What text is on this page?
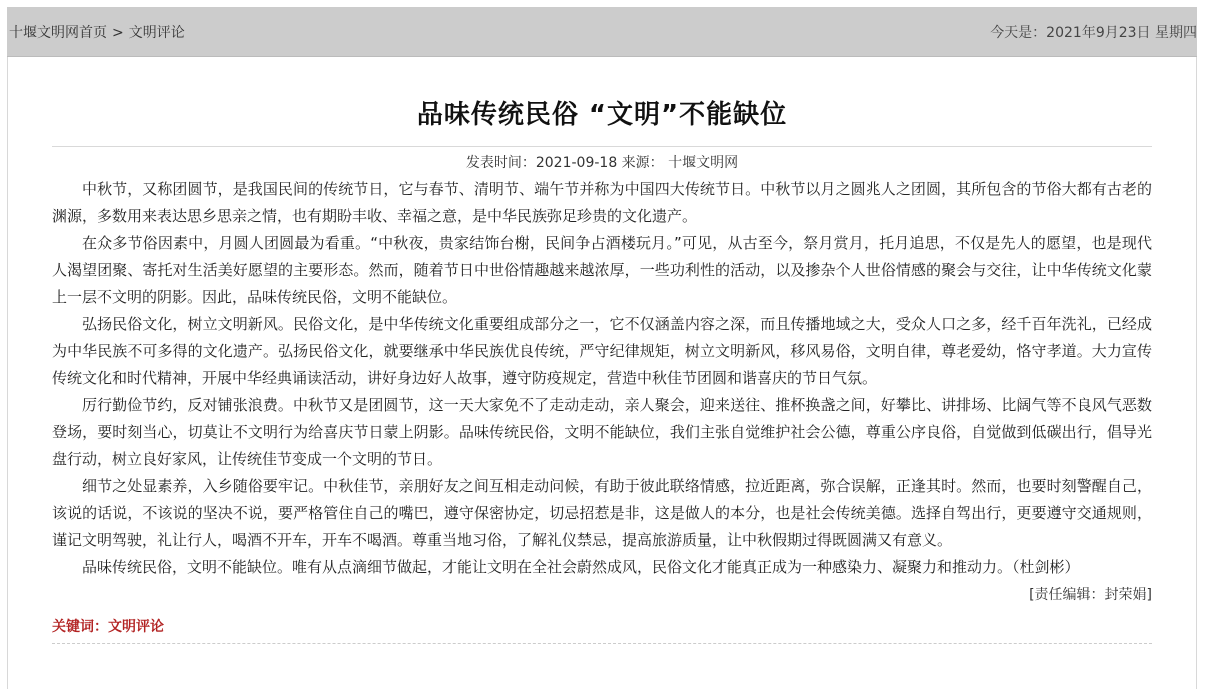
十堰文明网首页 > 文明评论	今天是：2021年9月23日 星期四
品味传统民俗 “文明”不能缺位
发表时间：2021-09-18 来源： 十堰文明网

中秋节，又称团圆节，是我国民间的传统节日，它与春节、清明节、端午节并称为中国四大传统节日。中秋节以月之圆兆人之团圆，其所包含的节俗大都有古老的渊源，多数用来表达思乡思亲之情，也有期盼丰收、幸福之意，是中华民族弥足珍贵的文化遗产。

在众多节俗因素中，月圆人团圆最为看重。“中秋夜，贵家结饰台榭，民间争占酒楼玩月。”可见，从古至今，祭月赏月，托月追思，不仅是先人的愿望，也是现代人渴望团聚、寄托对生活美好愿望的主要形态。然而，随着节日中世俗情趣越来越浓厚，一些功利性的活动，以及掺杂个人世俗情感的聚会与交往，让中华传统文化蒙上一层不文明的阴影。因此，品味传统民俗，文明不能缺位。

弘扬民俗文化，树立文明新风。民俗文化，是中华传统文化重要组成部分之一，它不仅涵盖内容之深，而且传播地域之大，受众人口之多，经千百年洗礼，已经成为中华民族不可多得的文化遗产。弘扬民俗文化，就要继承中华民族优良传统，严守纪律规矩，树立文明新风，移风易俗，文明自律，尊老爱幼，恪守孝道。大力宣传传统文化和时代精神，开展中华经典诵读活动，讲好身边好人故事，遵守防疫规定，营造中秋佳节团圆和谐喜庆的节日气氛。

厉行勤俭节约，反对铺张浪费。中秋节又是团圆节，这一天大家免不了走动走动，亲人聚会，迎来送往、推杯换盏之间，好攀比、讲排场、比阔气等不良风气恶数登场，要时刻当心，切莫让不文明行为给喜庆节日蒙上阴影。品味传统民俗，文明不能缺位，我们主张自觉维护社会公德，尊重公序良俗，自觉做到低碳出行，倡导光盘行动，树立良好家风，让传统佳节变成一个文明的节日。

细节之处显素养，入乡随俗要牢记。中秋佳节，亲朋好友之间互相走动问候，有助于彼此联络情感，拉近距离，弥合误解，正逢其时。然而，也要时刻警醒自己，该说的话说，不该说的坚决不说，要严格管住自己的嘴巴，遵守保密协定，切忌招惹是非，这是做人的本分，也是社会传统美德。选择自驾出行，更要遵守交通规则，谨记文明驾驶，礼让行人，喝酒不开车，开车不喝酒。尊重当地习俗，了解礼仪禁忌，提高旅游质量，让中秋假期过得既圆满又有意义。

品味传统民俗，文明不能缺位。唯有从点滴细节做起，才能让文明在全社会蔚然成风，民俗文化才能真正成为一种感染力、凝聚力和推动力。（杜剑彬）

[责任编辑：封荣娟]
关键词：文明评论
